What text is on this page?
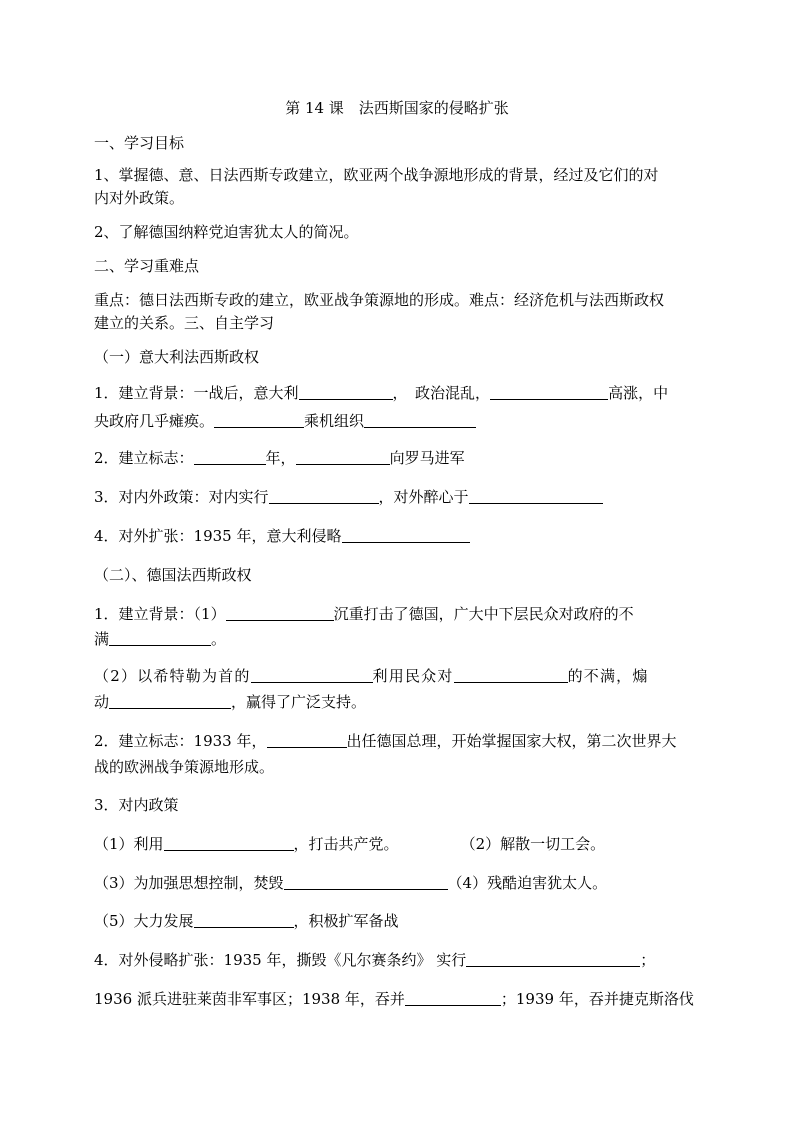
第 14 课　法西斯国家的侵略扩张
一、学习目标
1、掌握德、意、日法西斯专政建立，欧亚两个战争源地形成的背景，经过及它们的对
内对外政策。
2、了解德国纳粹党迫害犹太人的简况。
二、学习重难点
重点：德日法西斯专政的建立，欧亚战争策源地的形成。难点：经济危机与法西斯政权
建立的关系。三、自主学习
（一）意大利法西斯政权
1．建立背景：一战后，意大利	，　政治混乱，	高涨，中
央政府几乎瘫痪。	乘机组织
2．建立标志：	年，	向罗马进军
3．对内外政策：对内实行	，对外醉心于
4．对外扩张：1935 年，意大利侵略
（二）、德国法西斯政权
1．建立背景：（1）	沉重打击了德国，广大中下层民众对政府的不
满	。
（2）以希特勒为首的	利用民众对	的不满，煽
动	，赢得了广泛支持。
2．建立标志：1933 年，	出任德国总理，开始掌握国家大权，第二次世界大
战的欧洲战争策源地形成。
3．对内政策
（1）利用	，打击共产党。	（2）解散一切工会。
（3）为加强思想控制，焚毁	（4）残酷迫害犹太人。
（5）大力发展	，积极扩军备战
4．对外侵略扩张：1935 年，撕毁《凡尔赛条约》 实行	；
1936 派兵进驻莱茵非军事区；1938 年，吞并	；1939 年，吞并捷克斯洛伐
